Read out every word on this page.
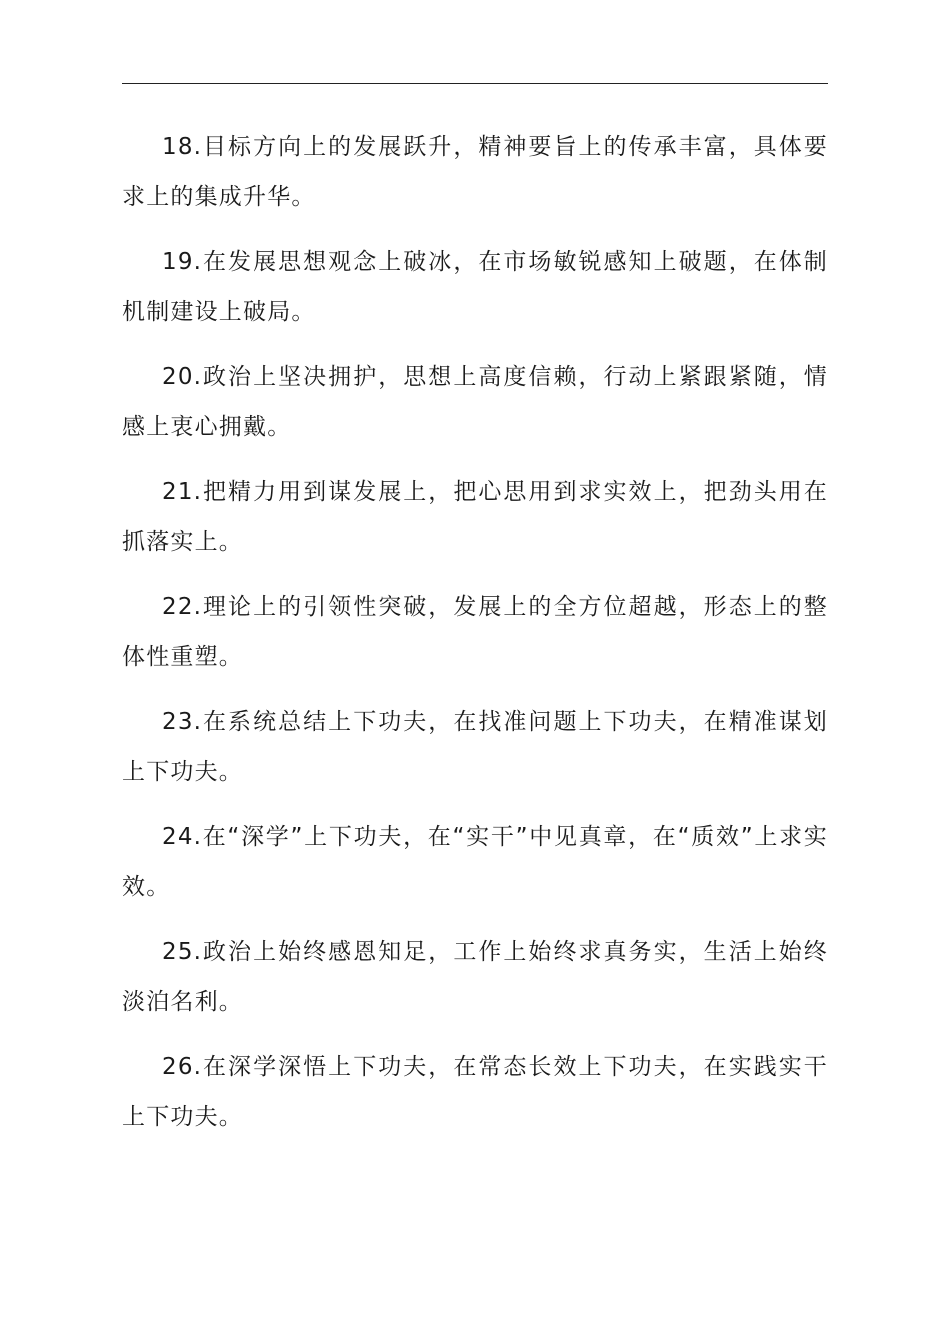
18.目标方向上的发展跃升，精神要旨上的传承丰富，具体要求上的集成升华。

19.在发展思想观念上破冰，在市场敏锐感知上破题，在体制机制建设上破局。

20.政治上坚决拥护，思想上高度信赖，行动上紧跟紧随，情感上衷心拥戴。

21.把精力用到谋发展上，把心思用到求实效上，把劲头用在抓落实上。

22.理论上的引领性突破，发展上的全方位超越，形态上的整体性重塑。

23.在系统总结上下功夫，在找准问题上下功夫，在精准谋划上下功夫。

24.在“深学”上下功夫，在“实干”中见真章，在“质效”上求实效。

25.政治上始终感恩知足，工作上始终求真务实，生活上始终淡泊名利。

26.在深学深悟上下功夫，在常态长效上下功夫，在实践实干上下功夫。
